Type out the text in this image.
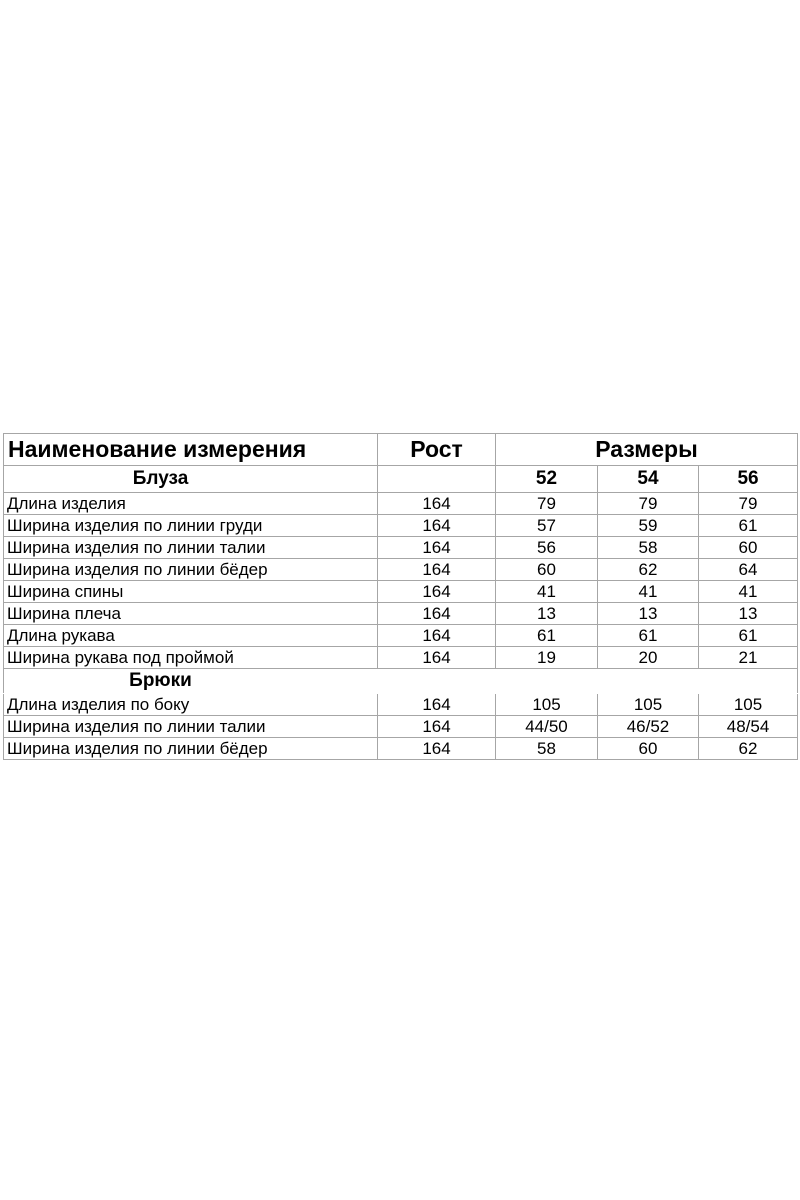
Наименование измерения	Рост	Размеры		
Блуза		52	54	56
Длина изделия	164	79	79	79
Ширина изделия по линии груди	164	57	59	61
Ширина изделия по линии талии	164	56	58	60
Ширина изделия по линии бёдер	164	60	62	64
Ширина спины	164	41	41	41
Ширина плеча	164	13	13	13
Длина рукава	164	61	61	61
Ширина рукава под проймой	164	19	20	21
Брюки				
Длина изделия по боку	164	105	105	105
Ширина изделия по линии талии	164	44/50	46/52	48/54
Ширина изделия по линии бёдер	164	58	60	62
